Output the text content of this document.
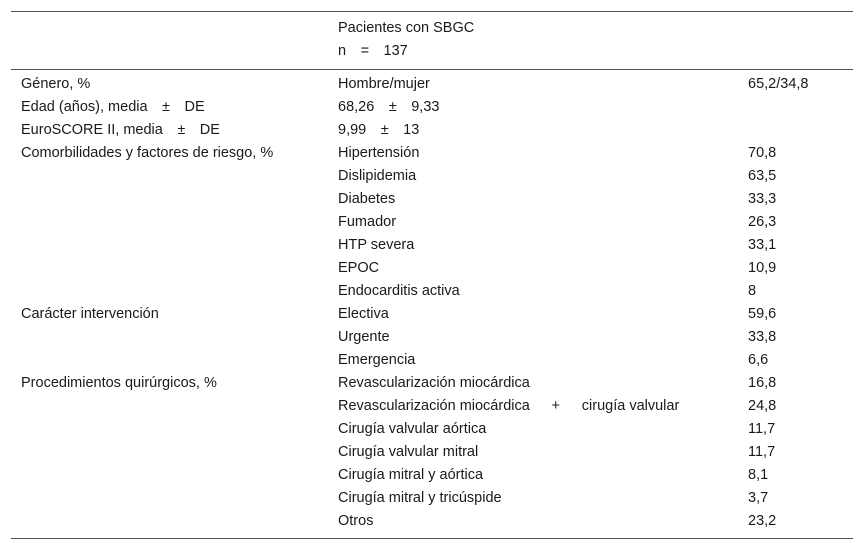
	Pacientes con SBGC
n  =  137	

Género, %	Hombre/mujer	65,2/34,8
Edad (años), media  ±  DE	68,26  ±  9,33	
EuroSCORE II, media  ±  DE	9,99  ±  13	
Comorbilidades y factores de riesgo, %	Hipertensión	70,8
	Dislipidemia	63,5
	Diabetes	33,3
	Fumador	26,3
	HTP severa	33,1
	EPOC	10,9
	Endocarditis activa	8
Carácter intervención	Electiva	59,6
	Urgente	33,8
	Emergencia	6,6
Procedimientos quirúrgicos, %	Revascularización miocárdica	16,8
	Revascularización miocárdica   +   cirugía valvular	24,8
	Cirugía valvular aórtica	11,7
	Cirugía valvular mitral	11,7
	Cirugía mitral y aórtica	8,1
	Cirugía mitral y tricúspide	3,7
	Otros	23,2
